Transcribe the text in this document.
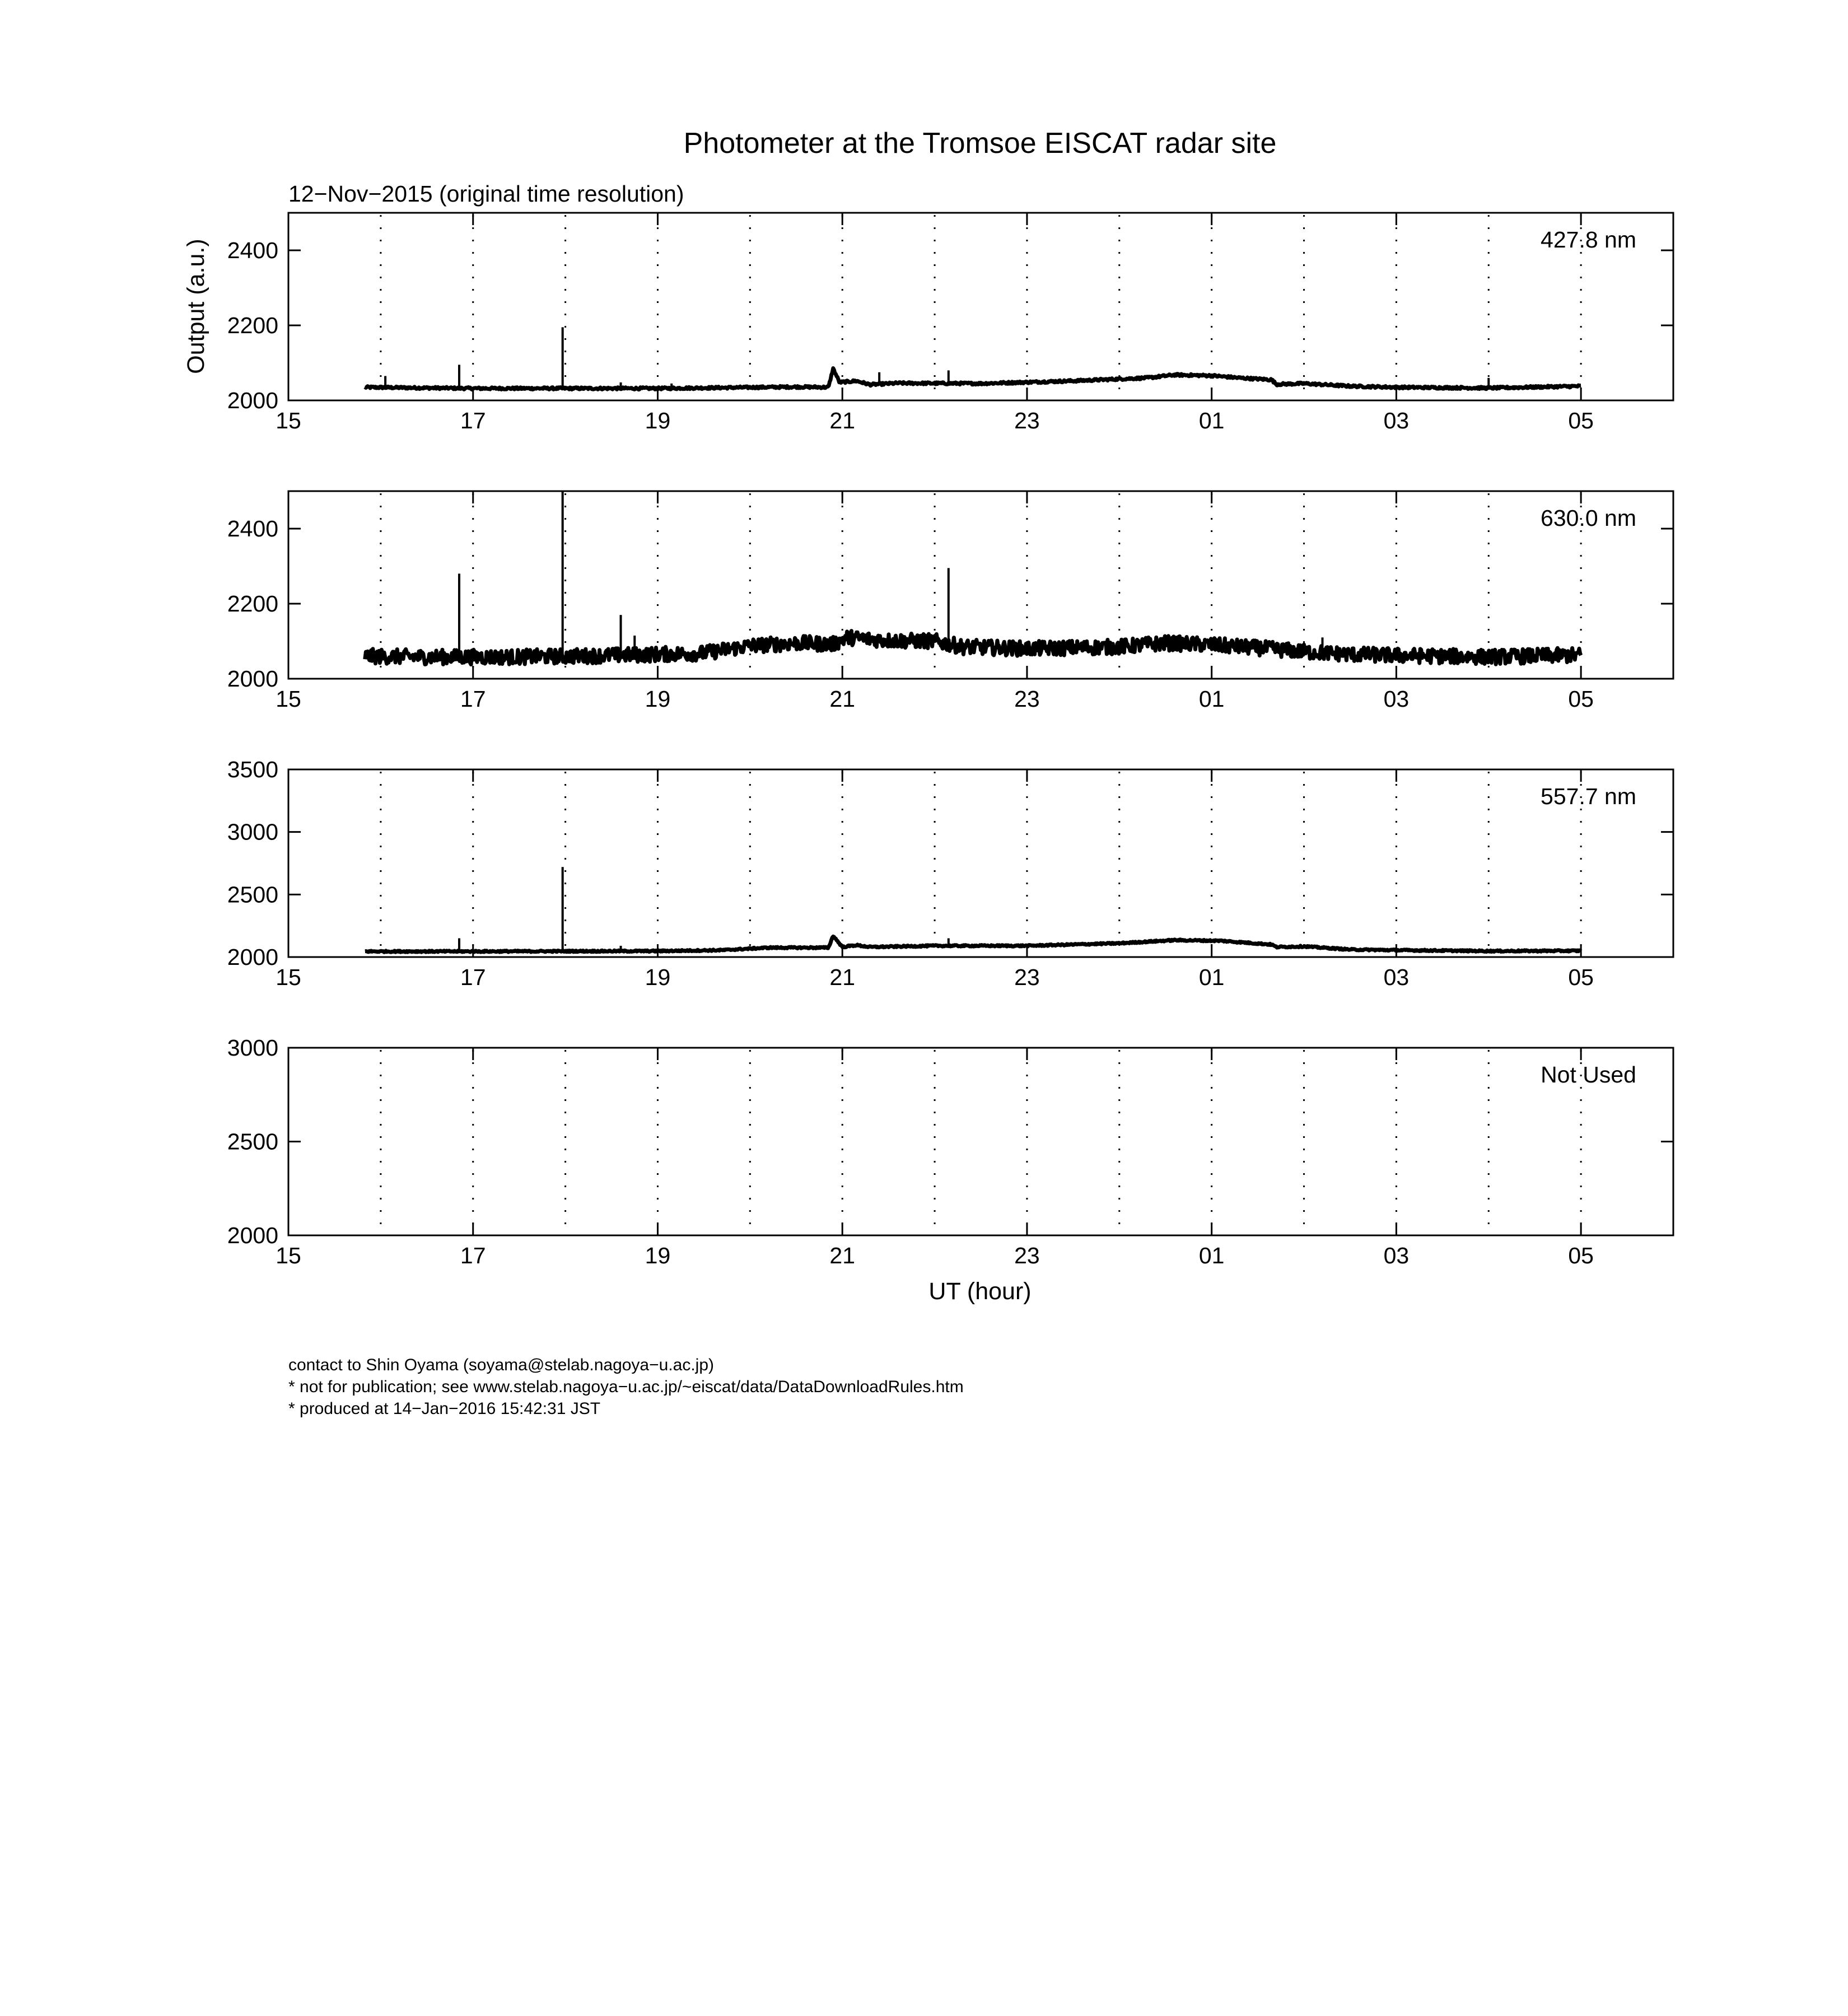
Photometer at the Tromsoe EISCAT radar site
12−Nov−2015 (original time resolution)
Output (a.u.)
UT (hour)
15	17	19	21	23	01	03	05
2000
2200
2400	427.8 nm
15	17	19	21	23	01	03	05
2000
2200
2400	630.0 nm
15	17	19	21	23	01	03	05
2000
2500
3000
3500
557.7 nm
15	17	19	21	23	01	03	05
2000
2500
3000
Not Used
contact to Shin Oyama (soyama@stelab.nagoya−u.ac.jp)
* not for publication; see www.stelab.nagoya−u.ac.jp/~eiscat/data/DataDownloadRules.htm
* produced at 14−Jan−2016 15:42:31 JST
